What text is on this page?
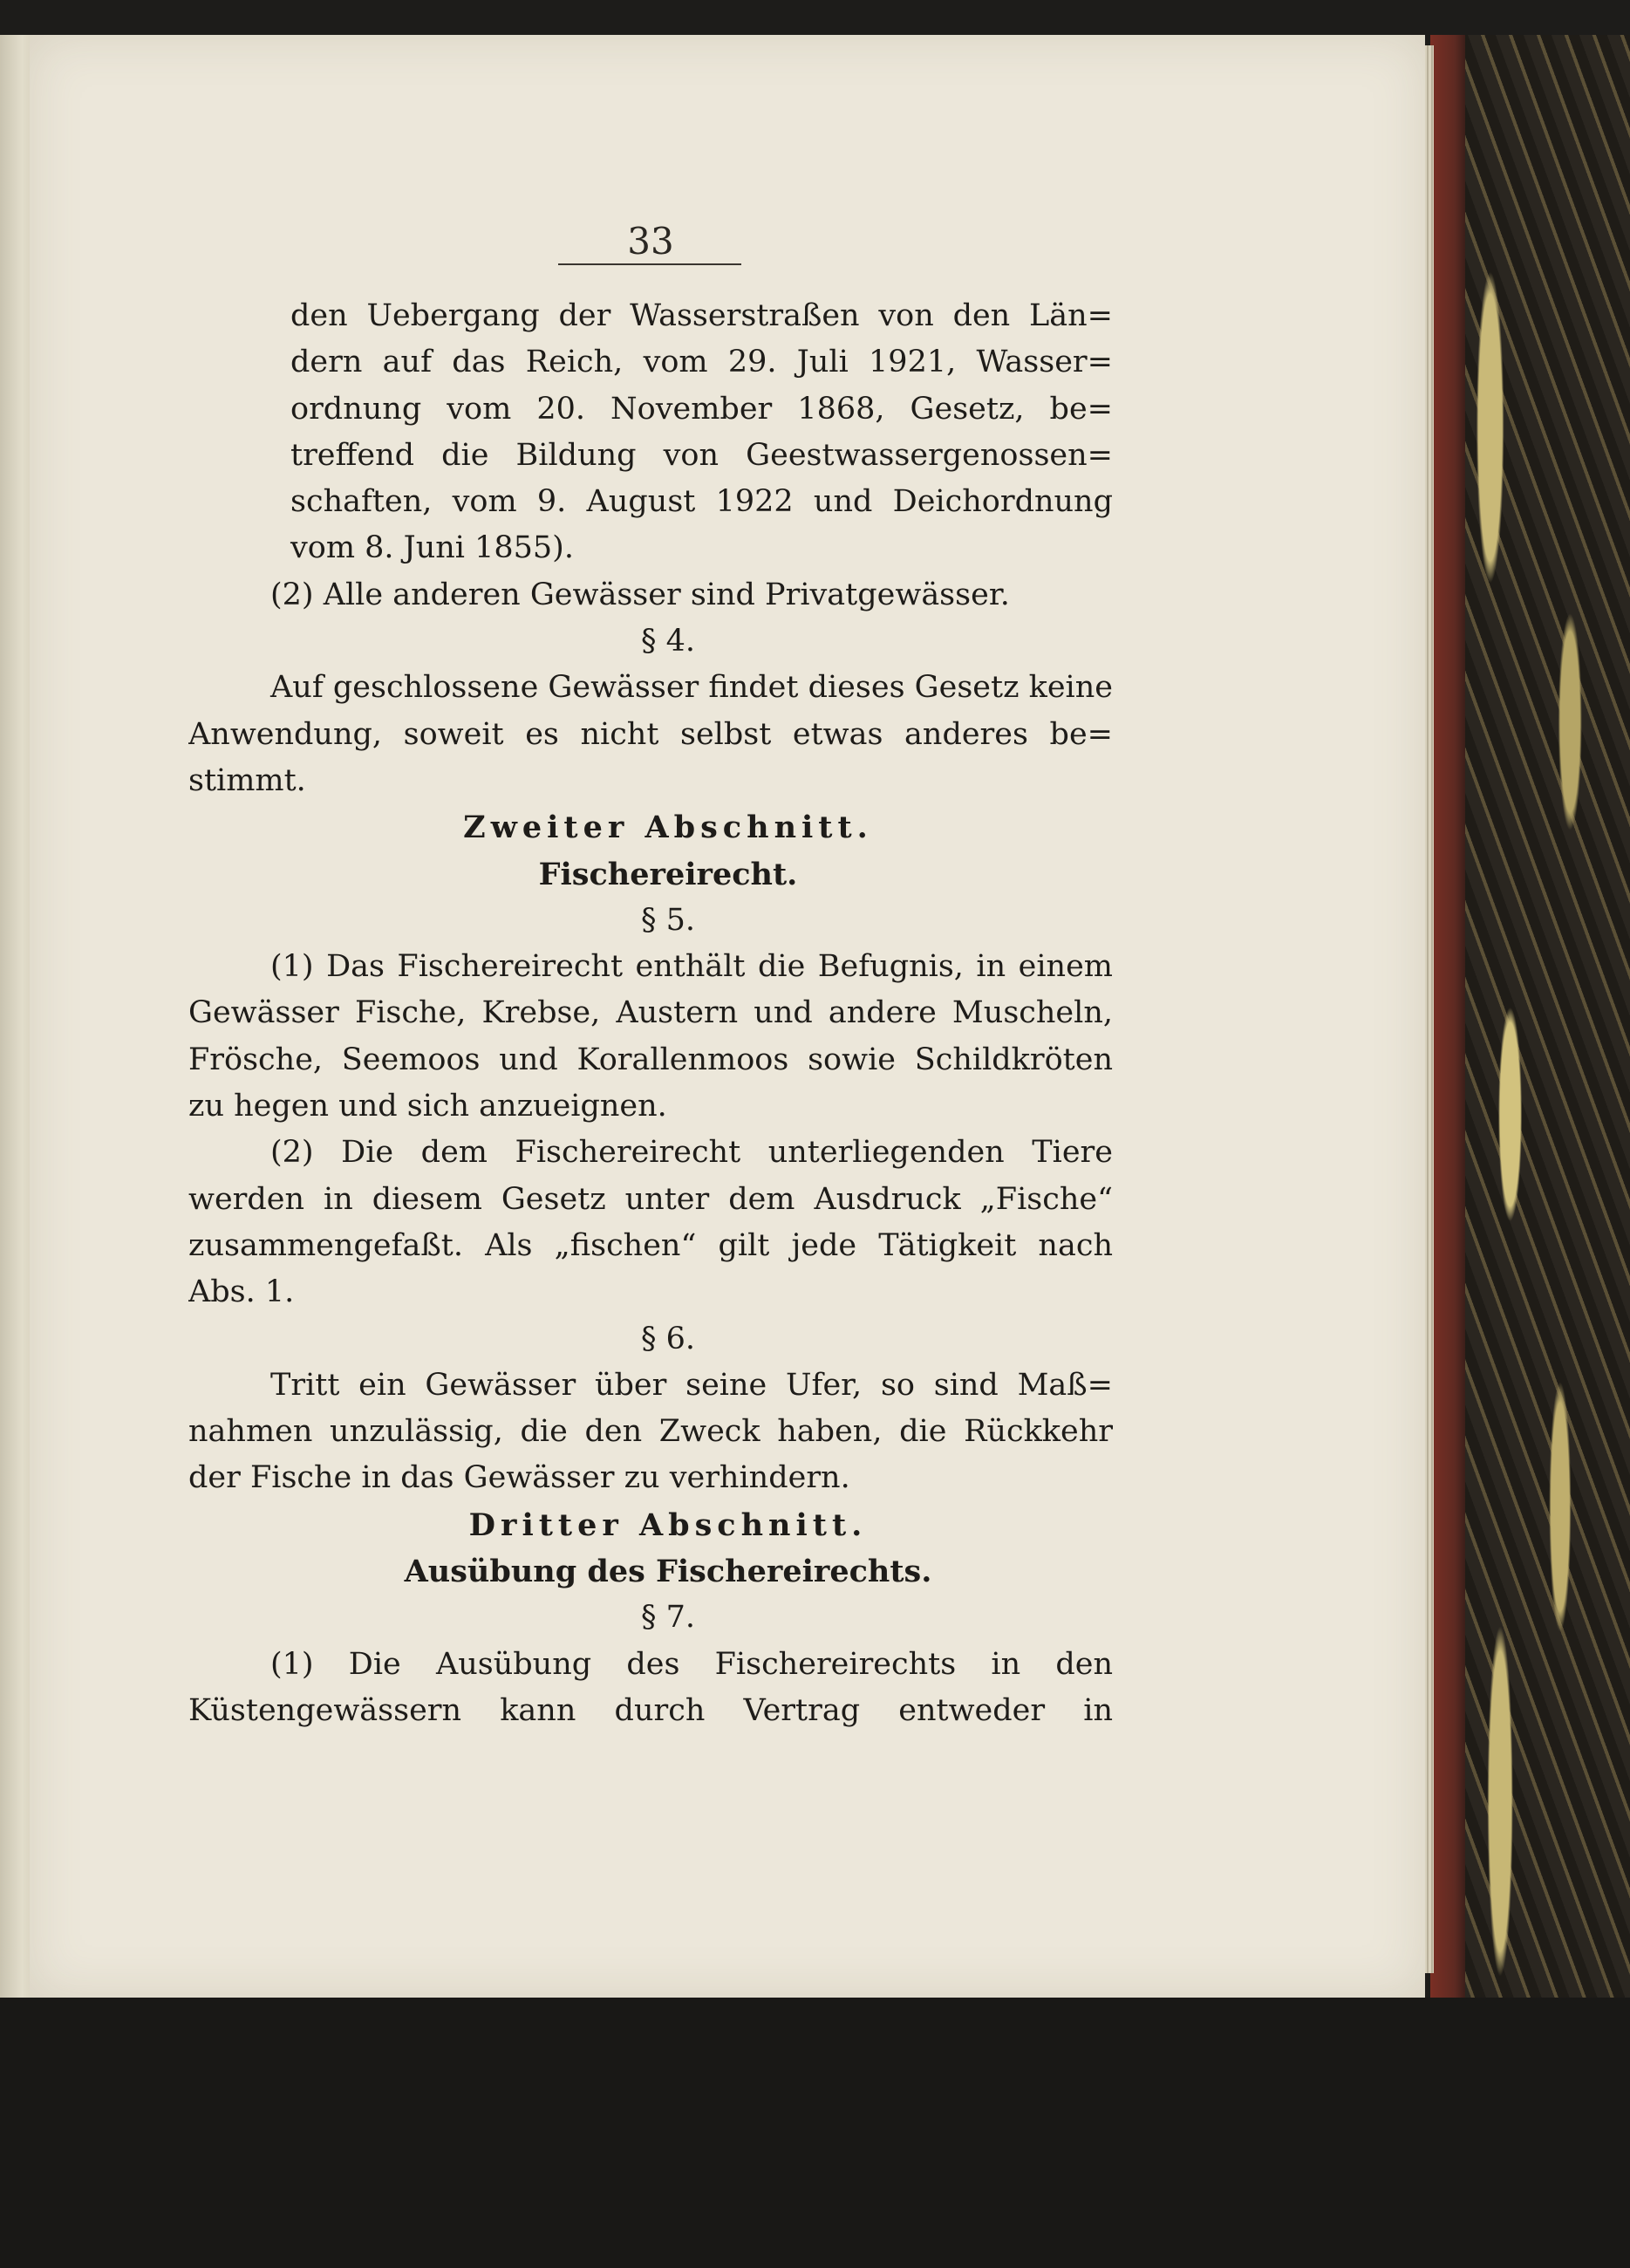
33
den Uebergang der Wasserstraßen von den Län=
dern auf das Reich, vom 29. Juli 1921, Wasser=
ordnung vom 20. November 1868, Gesetz, be=
treffend die Bildung von Geestwassergenossen=
schaften, vom 9. August 1922 und Deichordnung
vom 8. Juni 1855).
(2) Alle anderen Gewässer sind Privatgewässer.
§ 4.
Auf geschlossene Gewässer findet dieses Gesetz keine
Anwendung, soweit es nicht selbst etwas anderes be=
stimmt.
Zweiter Abschnitt.
Fischereirecht.
§ 5.
(1) Das Fischereirecht enthält die Befugnis, in einem
Gewässer Fische, Krebse, Austern und andere Muscheln,
Frösche, Seemoos und Korallenmoos sowie Schildkröten
zu hegen und sich anzueignen.
(2) Die dem Fischereirecht unterliegenden Tiere
werden in diesem Gesetz unter dem Ausdruck „Fische“
zusammengefaßt. Als „fischen“ gilt jede Tätigkeit nach
Abs. 1.
§ 6.
Tritt ein Gewässer über seine Ufer, so sind Maß=
nahmen unzulässig, die den Zweck haben, die Rückkehr
der Fische in das Gewässer zu verhindern.
Dritter Abschnitt.
Ausübung des Fischereirechts.
§ 7.
(1) Die Ausübung des Fischereirechts in den
Küstengewässern kann durch Vertrag entweder in
